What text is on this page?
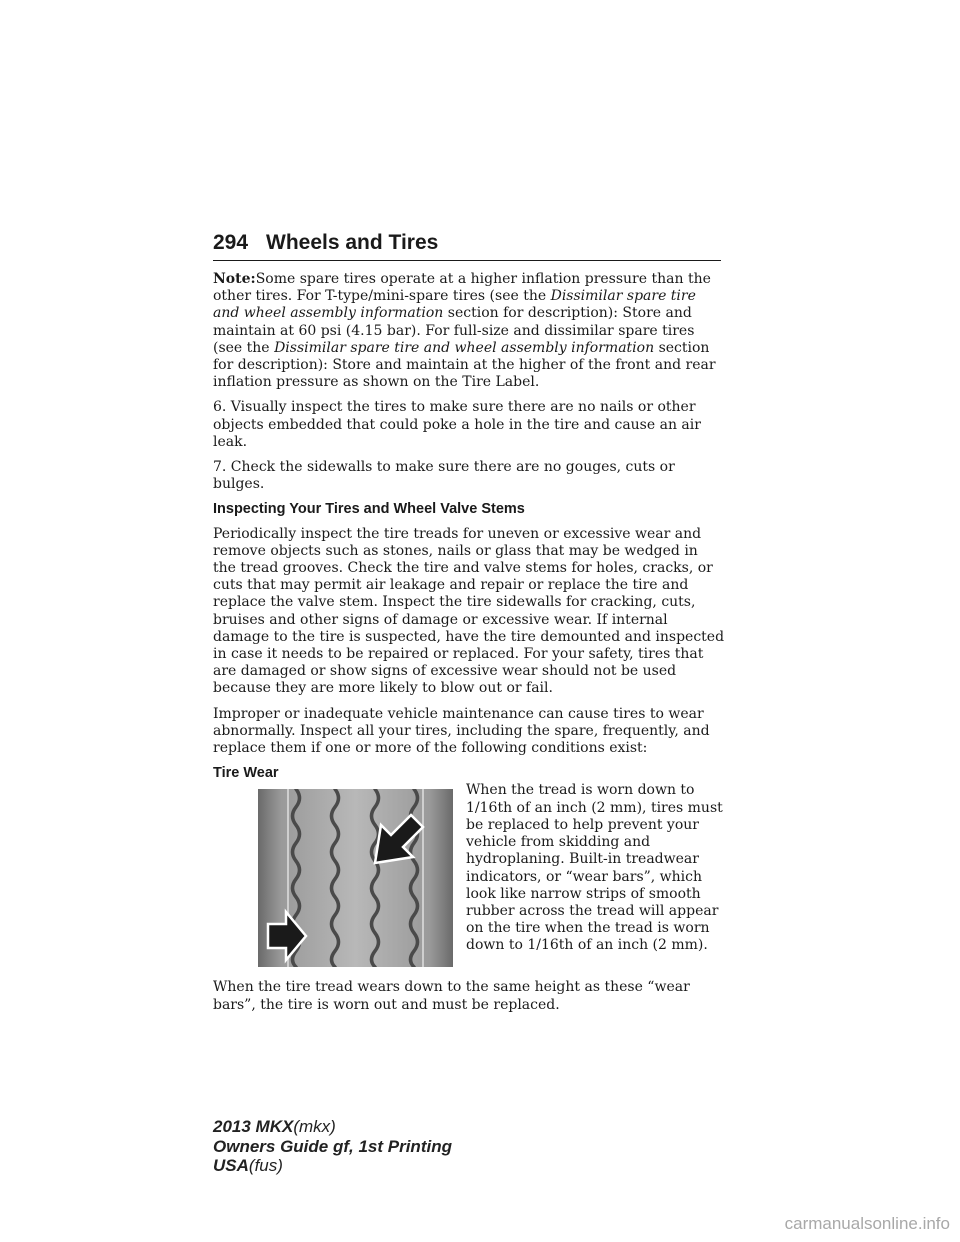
294 Wheels and Tires

Note:Some spare tires operate at a higher inflation pressure than the other tires. For T-type/mini-spare tires (see the Dissimilar spare tire and wheel assembly information section for description): Store and maintain at 60 psi (4.15 bar). For full-size and dissimilar spare tires (see the Dissimilar spare tire and wheel assembly information section for description): Store and maintain at the higher of the front and rear inflation pressure as shown on the Tire Label.

6. Visually inspect the tires to make sure there are no nails or other objects embedded that could poke a hole in the tire and cause an air leak.

7. Check the sidewalls to make sure there are no gouges, cuts or bulges.

Inspecting Your Tires and Wheel Valve Stems

Periodically inspect the tire treads for uneven or excessive wear and remove objects such as stones, nails or glass that may be wedged in the tread grooves. Check the tire and valve stems for holes, cracks, or cuts that may permit air leakage and repair or replace the tire and replace the valve stem. Inspect the tire sidewalls for cracking, cuts, bruises and other signs of damage or excessive wear. If internal damage to the tire is suspected, have the tire demounted and inspected in case it needs to be repaired or replaced. For your safety, tires that are damaged or show signs of excessive wear should not be used because they are more likely to blow out or fail.

Improper or inadequate vehicle maintenance can cause tires to wear abnormally. Inspect all your tires, including the spare, frequently, and replace them if one or more of the following conditions exist:

Tire Wear
When the tread is worn down to 1/16th of an inch (2 mm), tires must be replaced to help prevent your vehicle from skidding and hydroplaning. Built-in treadwear indicators, or “wear bars”, which look like narrow strips of smooth rubber across the tread will appear on the tire when the tread is worn down to 1/16th of an inch (2 mm).

When the tire tread wears down to the same height as these “wear bars”, the tire is worn out and must be replaced.

2013 MKX(mkx)
Owners Guide gf, 1st Printing
USA(fus)
carmanualsonline.info
